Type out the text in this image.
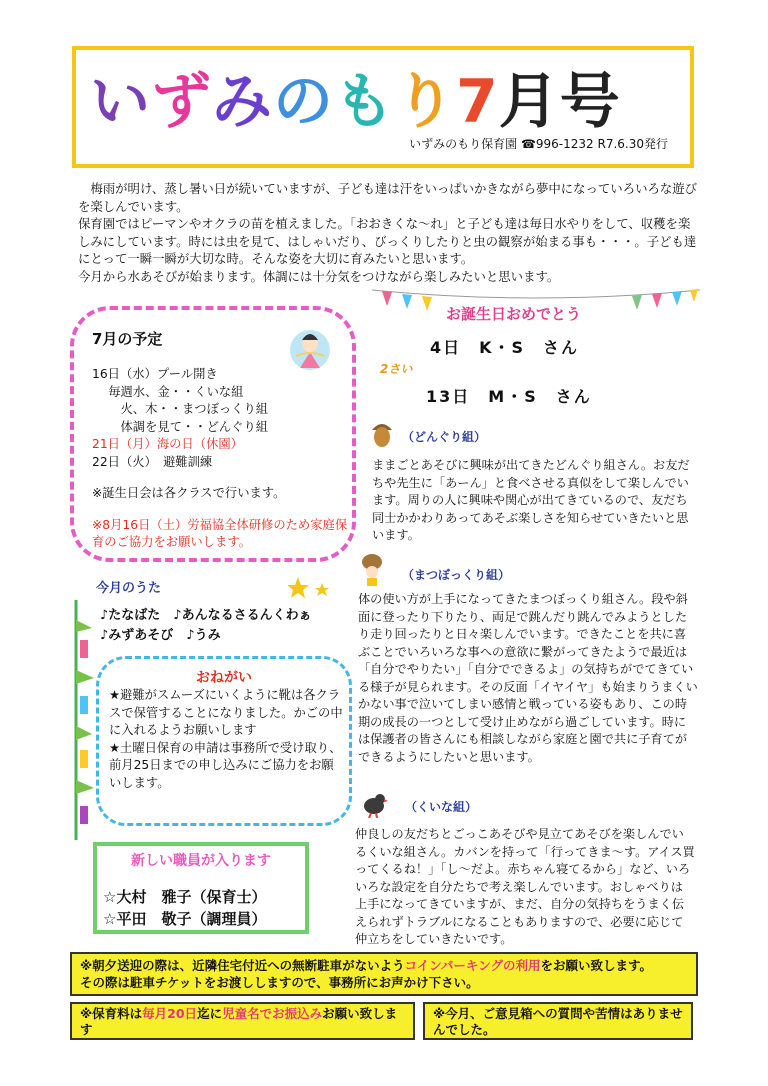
いずみのもり7月号
いずみのもり保育園 ☎996‐1232 R7.6.30発行

　梅雨が明け、蒸し暑い日が続いていますが、子ども達は汗をいっぱいかきながら夢中になっていろいろな遊びを楽しんでいます。

保育園ではピーマンやオクラの苗を植えました。「おおきくな～れ」と子ども達は毎日水やりをして、収穫を楽しみにしています。時には虫を見て、はしゃいだり、びっくりしたりと虫の観察が始まる事も・・・。子ども達にとって一瞬一瞬が大切な時。そんな姿を大切に育みたいと思います。

今月から水あそびが始まります。体調には十分気をつけながら楽しみたいと思います。

7月の予定
16日（水）プール開き
　 毎週水、金・・くいな組
　　 火、木・・まつぼっくり組
　　 体調を見て・・どんぐり組
21日（月）海の日（休園）
22日（火）　避難訓練
※誕生日会は各クラスで行います。
※8月16日（土）労福協全体研修のため家庭保育のご協力をお願いします。
今月のうた
♪たなばた　♪あんなるさるんくわぁ
♪みずあそび　♪うみ
おねがい
★避難がスムーズにいくように靴は各クラスで保管することになりました。かごの中に入れるようお願いします
★土曜日保育の申請は事務所で受け取り、前月25日までの申し込みにご協力をお願いします。
新しい職員が入ります
☆大村　雅子（保育士）
☆平田　敬子（調理員）
お誕生日おめでとう
4日　K・S　さん
2さい
13日　M・S　さん
（どんぐり組）
ままごとあそびに興味が出てきたどんぐり組さん。お友だちや先生に「あーん」と食べさせる真似をして楽しんでいます。周りの人に興味や関心が出てきているので、友だち同士かかわりあってあそぶ楽しさを知らせていきたいと思います。
（まつぼっくり組）
体の使い方が上手になってきたまつぼっくり組さん。段や斜面に登ったり下りたり、両足で跳んだり跳んでみようとしたり走り回ったりと日々楽しんでいます。できたことを共に喜ぶことでいろいろな事への意欲に繋がってきたようで最近は「自分でやりたい」「自分でできるよ」の気持ちがでてきている様子が見られます。その反面「イヤイヤ」も始まりうまくいかない事で泣いてしまい感情と戦っている姿もあり、この時期の成長の一つとして受け止めながら過ごしています。時には保護者の皆さんにも相談しながら家庭と園で共に子育てができるようにしたいと思います。
（くいな組）
仲良しの友だちとごっこあそびや見立てあそびを楽しんでいるくいな組さん。カバンを持って「行ってきま～す。アイス買ってくるね！」「し～だよ。赤ちゃん寝てるから」など、いろいろな設定を自分たちで考え楽しんでいます。おしゃべりは上手になってきていますが、まだ、自分の気持ちをうまく伝えられずトラブルになることもありますので、必要に応じて仲立ちをしていきたいです。
※朝夕送迎の際は、近隣住宅付近への無断駐車がないようコインパーキングの利用をお願い致します。
その際は駐車チケットをお渡ししますので、事務所にお声かけ下さい。
※保育料は毎月20日迄に児童名でお振込みお願い致します
※今月、ご意見箱への質問や苦情はありませんでした。
